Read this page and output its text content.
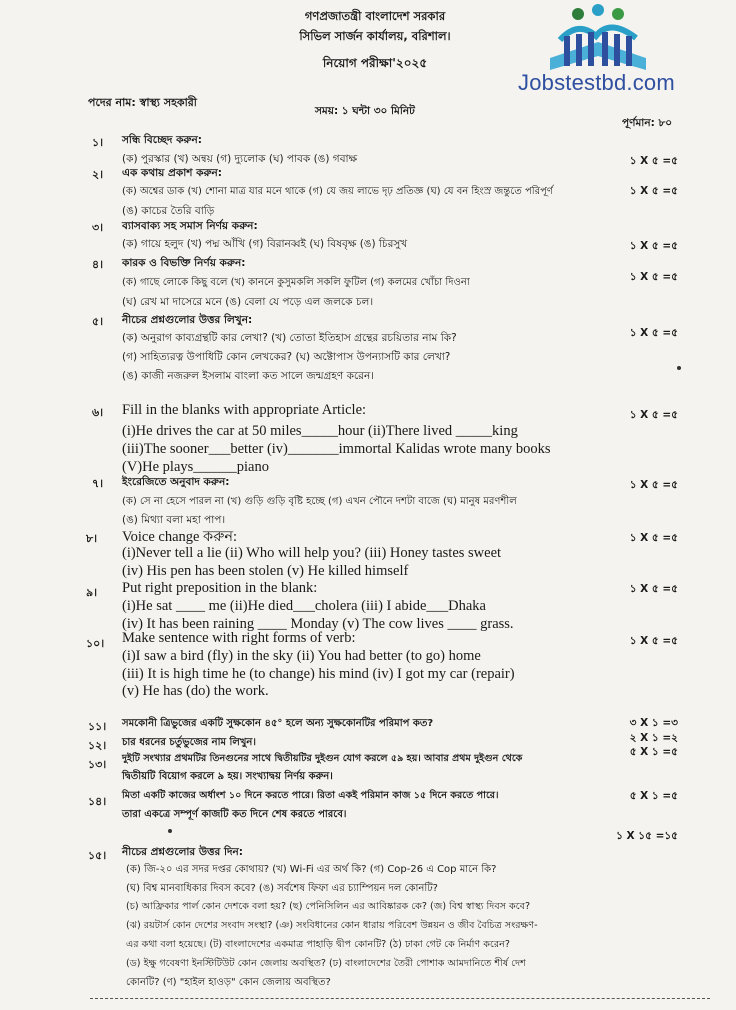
গণপ্রজাতন্ত্রী বাংলাদেশ সরকার
সিভিল সার্জন কার্যালয়, বরিশাল।
নিয়োগ পরীক্ষা'২০২৫
Jobstestbd.com
পদের নাম: স্বাস্থ্য সহকারী
সময়: ১ ঘন্টা ৩০ মিনিট
পূর্ণমান: ৮০
১। সন্ধি বিচ্ছেদ করুন:
(ক) পুরস্কার (খ) অন্বয় (গ) দ্যুলোক (ঘ) পাবক (ঙ) গবাক্ষ	১ X ৫ =৫
২। এক কথায় প্রকাশ করুন:
(ক) অশ্বের ডাক (খ) শোনা মাত্র যার মনে থাকে (গ) যে জয় লাভে দৃঢ় প্রতিজ্ঞ (ঘ) যে বন হিংস্র জন্তুতে পরিপূর্ণ
(ঙ) কাচের তৈরি বাড়ি
১ X ৫ =৫
৩। ব্যাসবাক্য সহ সমাস নির্ণয় করুন:
(ক) গায়ে হলুদ (খ) পদ্ম আঁখি (গ) বিরানব্বই (ঘ) বিষবৃক্ষ (ঙ) চিরসুখ	১ X ৫ =৫
৪। কারক ও বিভক্তি নির্ণয় করুন:
(ক) গাছে লোকে কিছু বলে (খ) কাননে কুসুমকলি সকলি ফুটিল (গ) কলমের খোঁচা দিওনা
(ঘ) রেখ মা দাসেরে মনে (ঙ) বেলা যে পড়ে এল জলকে চল।
১ X ৫ =৫
৫। নীচের প্রশ্নগুলোর উত্তর লিখুন:
(ক) অনুরাগ কাব্যগ্রন্থটি কার লেখা? (খ) তোতা ইতিহাস গ্রন্থের রচয়িতার নাম কি?
(গ) সাহিত্যরত্ন উপাধিটি কোন লেখকের? (ঘ) অক্টোপাস উপন্যাসটি কার লেখা?
(ঙ) কাজী নজরুল ইসলাম বাংলা কত সালে জন্মগ্রহণ করেন।
১ X ৫ =৫
৬। Fill in the blanks with appropriate Article:
(i)He drives the car at 50 miles_____hour (ii)There lived _____king
(iii)The sooner___better (iv)_______immortal Kalidas wrote many books
(V)He plays______piano
১ X ৫ =৫
৭। ইংরেজিতে অনুবাদ করুন:
(ক) সে না হেসে পারল না (খ) গুড়ি গুড়ি বৃষ্টি হচ্ছে (গ) এখন পৌনে দশটা বাজে (ঘ) মানুষ মরণশীল
(ঙ) মিথ্যা বলা মহা পাপ।
১ X ৫ =৫
৮। Voice change করুন:
(i)Never tell a lie (ii) Who will help you? (iii) Honey tastes sweet
(iv) His pen has been stolen (v) He killed himself
১ X ৫ =৫
৯। Put right preposition in the blank:
(i)He sat ____ me (ii)He died___cholera (iii) I abide___Dhaka
(iv) It has been raining ____ Monday (v) The cow lives ____ grass.
১ X ৫ =৫
১০। Make sentence with right forms of verb:
(i)I saw a bird (fly) in the sky (ii) You had better (to go) home
(iii) It is high time he (to change) his mind (iv) I got my car (repair)
(v) He has (do) the work.
১ X ৫ =৫
১১। সমকোনী ত্রিভুজের একটি সুক্ষকোন ৪৫° হলে অন্য সুক্ষকোনটির পরিমাপ কত?	৩ X ১ =৩
১২। চার ধরনের চর্তুভুজের নাম লিখুন।	২ X ১ =২
১৩। দুইটি সংখ্যার প্রথমটির তিনগুনের সাথে দ্বিতীয়টির দুইগুন যোগ করলে ৫৯ হয়। আবার প্রথম দুইগুন থেকে
দ্বিতীয়টি বিয়োগ করলে ৯ হয়। সংখ্যাদ্বয় নির্ণয় করুন।
৫ X ১ =৫
১৪। মিতা একটি কাজের অর্ধাংশ ১০ দিনে করতে পারে। রিতা একই পরিমান কাজ ১৫ দিনে করতে পারে।
তারা একত্রে সম্পূর্ণ কাজটি কত দিনে শেষ করতে পারবে।
৫ X ১ =৫
১৫। নীচের প্রশ্নগুলোর উত্তর দিন:
(ক) জি-২০ এর সদর দপ্তর কোথায়? (খ) Wi-Fi এর অর্থ কি? (গ) Cop-26 এ Cop মানে কি?
(ঘ) বিশ্ব মানবাধিকার দিবস কবে? (ঙ) সর্বশেষ ফিফা এর চ্যাম্পিয়ন দল কোনটি?
(চ) আফ্রিকার পার্ল কোন দেশকে বলা হয়? (ছ) পেনিসিলিন এর আবিষ্কারক কে? (জ) বিশ্ব স্বাস্থ্য দিবস কবে?
(ঝ) রয়টার্স কোন দেশের সংবাদ সংস্থা? (ঞ) সংবিধানের কোন ধারায় পরিবেশ উন্নয়ন ও জীব বৈচিত্র সংরক্ষণ-
এর কথা বলা হয়েছে। (ট) বাংলাদেশের একমাত্র পাহাড়ি দ্বীপ কোনটি? (ঠ) ঢাকা গেট কে নির্মাণ করেন?
(ড) ইক্ষু গবেষণা ইনস্টিটিউট কোন জেলায় অবস্থিত? (ঢ) বাংলাদেশের তৈরী পোশাক আমদানিতে শীর্ষ দেশ
কোনটি? (ণ) "হাইল হাওড়" কোন জেলায় অবস্থিত?
১ X ১৫ =১৫
